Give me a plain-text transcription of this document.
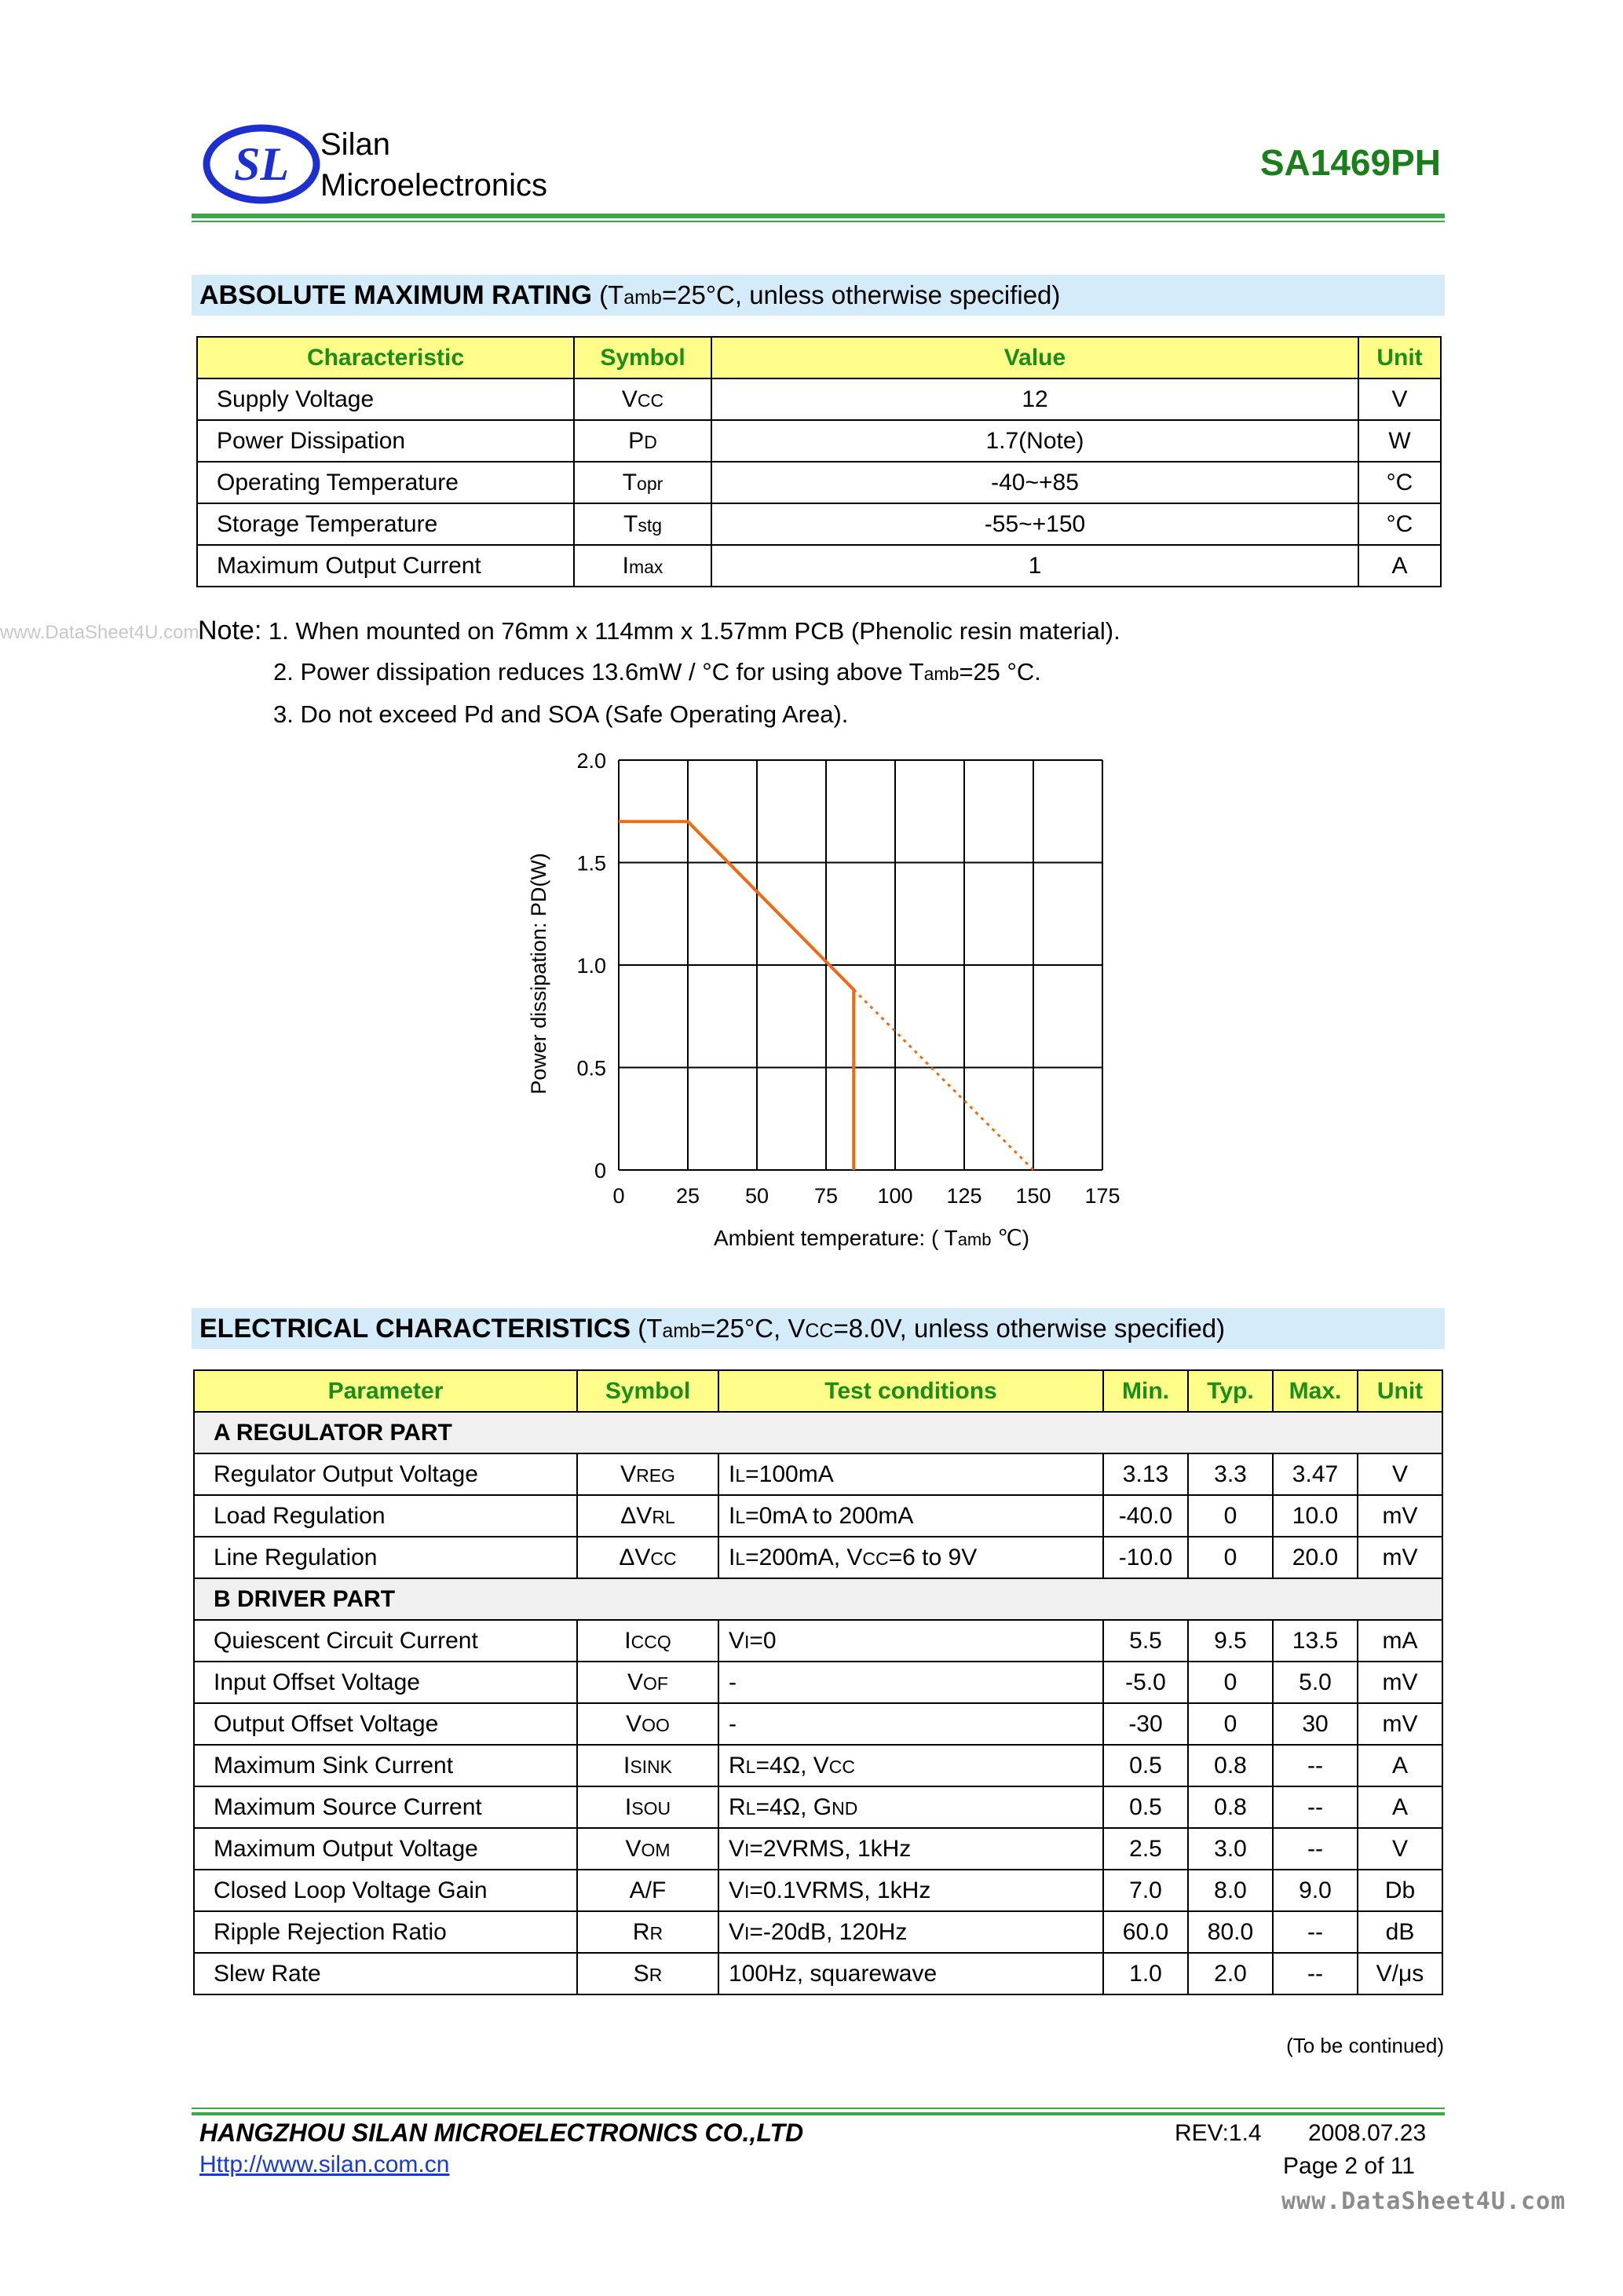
SL Silan
Microelectronics
SA1469PH
ABSOLUTE MAXIMUM RATING (Tamb=25°C, unless otherwise specified)
Characteristic	Symbol	Value	Unit
Supply Voltage	VCC	12	V
Power Dissipation	PD	1.7(Note)	W
Operating Temperature	Topr	-40~+85	°C
Storage Temperature	Tstg	-55~+150	°C
Maximum Output Current	Imax	1	A
www.DataSheet4U.com
Note: 1. When mounted on 76mm x 114mm x 1.57mm PCB (Phenolic resin material).
2. Power dissipation reduces 13.6mW / °C for using above Tamb=25 °C.
3. Do not exceed Pd and SOA (Safe Operating Area).
0 25 50 75 100 125 150 175
0
0.5
1.0
1.5
2.0
Power dissipation: PD(W)
Ambient temperature: ( Tamb ℃)
ELECTRICAL CHARACTERISTICS (Tamb=25°C, VCC=8.0V, unless otherwise specified)
Parameter	Symbol	Test conditions	Min.	Typ.	Max.	Unit
A REGULATOR PART						
Regulator Output Voltage	VREG	IL=100mA	3.13	3.3	3.47	V
Load Regulation	ΔVRL	IL=0mA to 200mA	-40.0	0	10.0	mV
Line Regulation	ΔVCC	IL=200mA, VCC=6 to 9V	-10.0	0	20.0	mV
B DRIVER PART						
Quiescent Circuit Current	ICCQ	VI=0	5.5	9.5	13.5	mA
Input Offset Voltage	VOF	-	-5.0	0	5.0	mV
Output Offset Voltage	VOO	-	-30	0	30	mV
Maximum Sink Current	ISINK	RL=4Ω, VCC	0.5	0.8	--	A
Maximum Source Current	ISOU	RL=4Ω, GND	0.5	0.8	--	A
Maximum Output Voltage	VOM	VI=2VRMS, 1kHz	2.5	3.0	--	V
Closed Loop Voltage Gain	A/F	VI=0.1VRMS, 1kHz	7.0	8.0	9.0	Db
Ripple Rejection Ratio	RR	VI=-20dB, 120Hz	60.0	80.0	--	dB
Slew Rate	SR	100Hz, squarewave	1.0	2.0	--	V/μs
(To be continued)
HANGZHOU SILAN MICROELECTRONICS CO.,LTD
Http://www.silan.com.cn
REV:1.4 2008.07.23
Page 2 of 11
www.DataSheet4U.com
